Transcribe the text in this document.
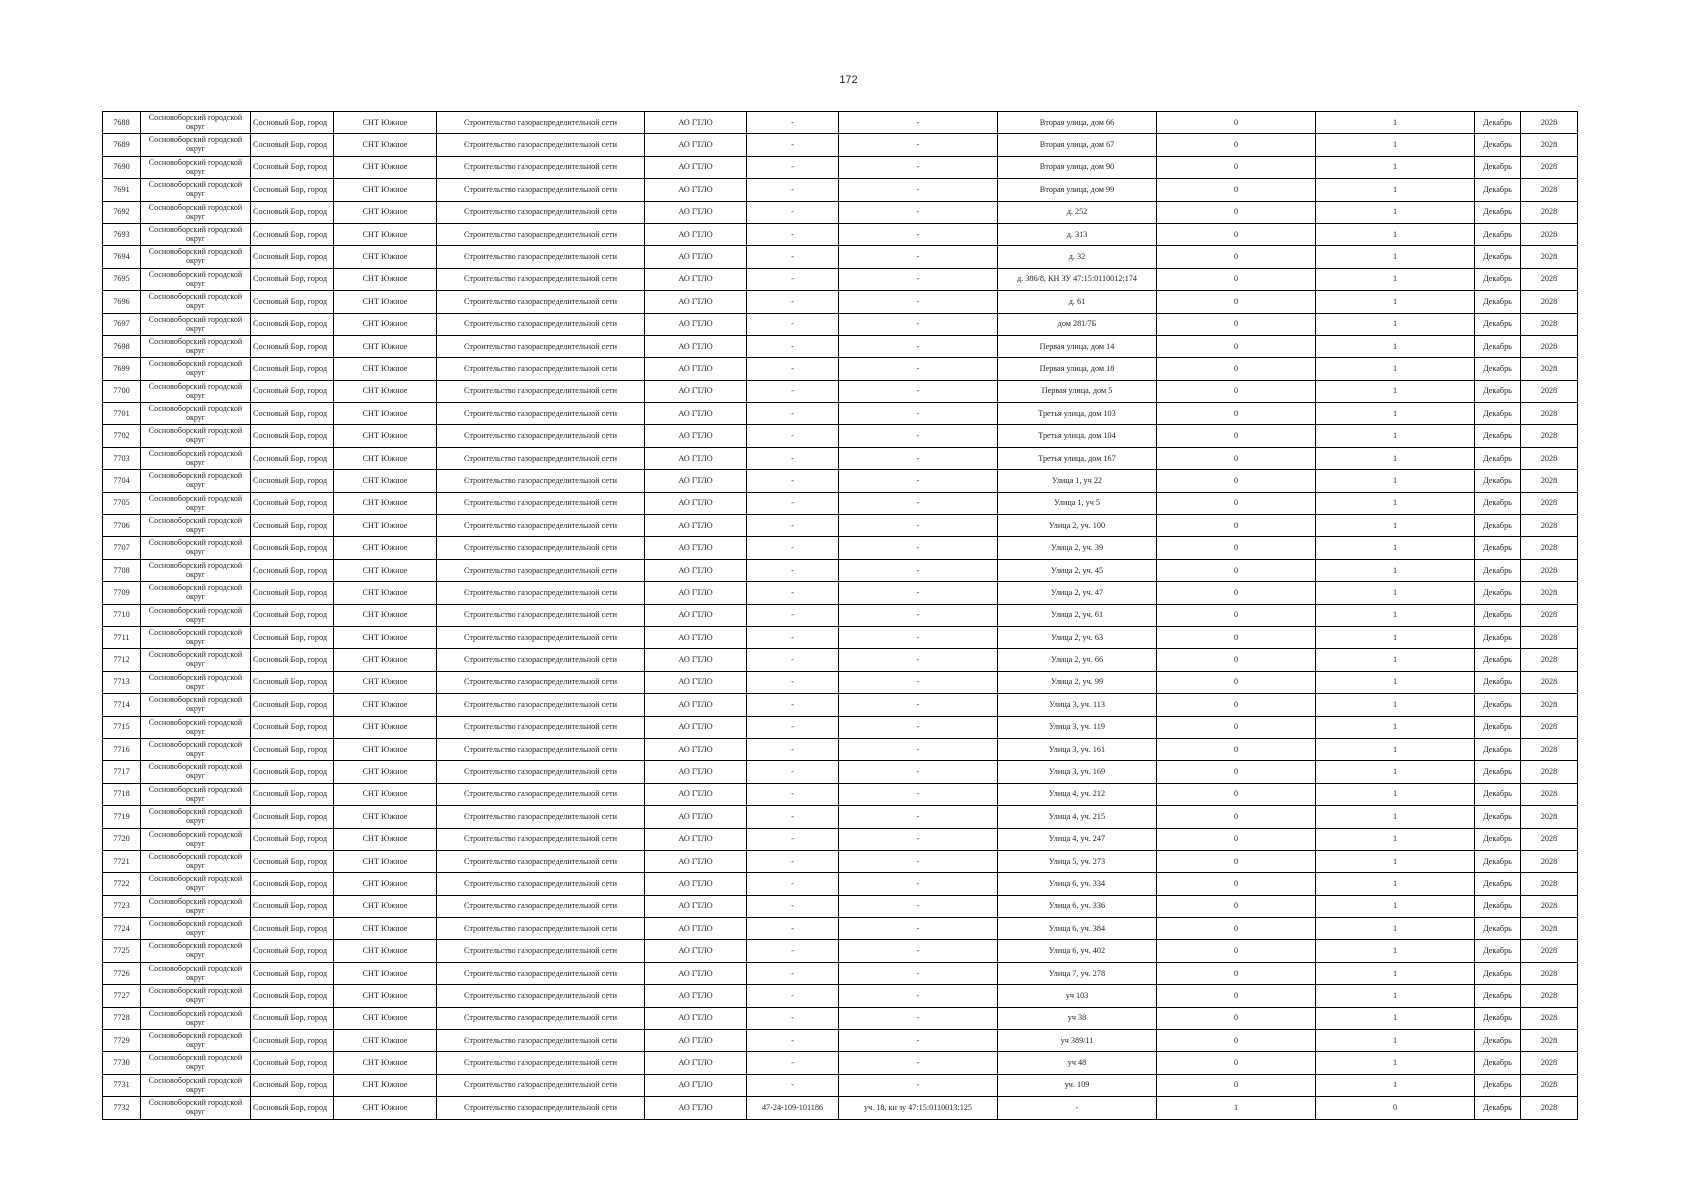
172
7688	Сосновоборский городской округ	Сосновый Бор, город	СНТ Южное	Строительство газораспределительной сети	АО ГТЛО	-	-	Вторая улица, дом 66	0	1	Декабрь	2028
7689	Сосновоборский городской округ	Сосновый Бор, город	СНТ Южное	Строительство газораспределительной сети	АО ГТЛО	-	-	Вторая улица, дом 67	0	1	Декабрь	2028
7690	Сосновоборский городской округ	Сосновый Бор, город	СНТ Южное	Строительство газораспределительной сети	АО ГТЛО	-	-	Вторая улица, дом 90	0	1	Декабрь	2028
7691	Сосновоборский городской округ	Сосновый Бор, город	СНТ Южное	Строительство газораспределительной сети	АО ГТЛО	-	-	Вторая улица, дом 99	0	1	Декабрь	2028
7692	Сосновоборский городской округ	Сосновый Бор, город	СНТ Южное	Строительство газораспределительной сети	АО ГТЛО	-	-	д. 252	0	1	Декабрь	2028
7693	Сосновоборский городской округ	Сосновый Бор, город	СНТ Южное	Строительство газораспределительной сети	АО ГТЛО	-	-	д. 313	0	1	Декабрь	2028
7694	Сосновоборский городской округ	Сосновый Бор, город	СНТ Южное	Строительство газораспределительной сети	АО ГТЛО	-	-	д. 32	0	1	Декабрь	2028
7695	Сосновоборский городской округ	Сосновый Бор, город	СНТ Южное	Строительство газораспределительной сети	АО ГТЛО	-	-	д. 386/8, КН ЗУ 47:15:0110012:174	0	1	Декабрь	2028
7696	Сосновоборский городской округ	Сосновый Бор, город	СНТ Южное	Строительство газораспределительной сети	АО ГТЛО	-	-	д. 61	0	1	Декабрь	2028
7697	Сосновоборский городской округ	Сосновый Бор, город	СНТ Южное	Строительство газораспределительной сети	АО ГТЛО	-	-	дом 281/7Б	0	1	Декабрь	2028
7698	Сосновоборский городской округ	Сосновый Бор, город	СНТ Южное	Строительство газораспределительной сети	АО ГТЛО	-	-	Первая улица, дом 14	0	1	Декабрь	2028
7699	Сосновоборский городской округ	Сосновый Бор, город	СНТ Южное	Строительство газораспределительной сети	АО ГТЛО	-	-	Первая улица, дом 18	0	1	Декабрь	2028
7700	Сосновоборский городской округ	Сосновый Бор, город	СНТ Южное	Строительство газораспределительной сети	АО ГТЛО	-	-	Первая улица, дом 5	0	1	Декабрь	2028
7701	Сосновоборский городской округ	Сосновый Бор, город	СНТ Южное	Строительство газораспределительной сети	АО ГТЛО	-	-	Третья улица, дом 103	0	1	Декабрь	2028
7702	Сосновоборский городской округ	Сосновый Бор, город	СНТ Южное	Строительство газораспределительной сети	АО ГТЛО	-	-	Третья улица, дом 104	0	1	Декабрь	2028
7703	Сосновоборский городской округ	Сосновый Бор, город	СНТ Южное	Строительство газораспределительной сети	АО ГТЛО	-	-	Третья улица, дом 167	0	1	Декабрь	2028
7704	Сосновоборский городской округ	Сосновый Бор, город	СНТ Южное	Строительство газораспределительной сети	АО ГТЛО	-	-	Улица 1, уч 22	0	1	Декабрь	2028
7705	Сосновоборский городской округ	Сосновый Бор, город	СНТ Южное	Строительство газораспределительной сети	АО ГТЛО	-	-	Улица 1, уч 5	0	1	Декабрь	2028
7706	Сосновоборский городской округ	Сосновый Бор, город	СНТ Южное	Строительство газораспределительной сети	АО ГТЛО	-	-	Улица 2, уч. 100	0	1	Декабрь	2028
7707	Сосновоборский городской округ	Сосновый Бор, город	СНТ Южное	Строительство газораспределительной сети	АО ГТЛО	-	-	Улица 2, уч. 39	0	1	Декабрь	2028
7708	Сосновоборский городской округ	Сосновый Бор, город	СНТ Южное	Строительство газораспределительной сети	АО ГТЛО	-	-	Улица 2, уч. 45	0	1	Декабрь	2028
7709	Сосновоборский городской округ	Сосновый Бор, город	СНТ Южное	Строительство газораспределительной сети	АО ГТЛО	-	-	Улица 2, уч. 47	0	1	Декабрь	2028
7710	Сосновоборский городской округ	Сосновый Бор, город	СНТ Южное	Строительство газораспределительной сети	АО ГТЛО	-	-	Улица 2, уч. 61	0	1	Декабрь	2028
7711	Сосновоборский городской округ	Сосновый Бор, город	СНТ Южное	Строительство газораспределительной сети	АО ГТЛО	-	-	Улица 2, уч. 63	0	1	Декабрь	2028
7712	Сосновоборский городской округ	Сосновый Бор, город	СНТ Южное	Строительство газораспределительной сети	АО ГТЛО	-	-	Улица 2, уч. 66	0	1	Декабрь	2028
7713	Сосновоборский городской округ	Сосновый Бор, город	СНТ Южное	Строительство газораспределительной сети	АО ГТЛО	-	-	Улица 2, уч. 99	0	1	Декабрь	2028
7714	Сосновоборский городской округ	Сосновый Бор, город	СНТ Южное	Строительство газораспределительной сети	АО ГТЛО	-	-	Улица 3, уч. 113	0	1	Декабрь	2028
7715	Сосновоборский городской округ	Сосновый Бор, город	СНТ Южное	Строительство газораспределительной сети	АО ГТЛО	-	-	Улица 3, уч. 119	0	1	Декабрь	2028
7716	Сосновоборский городской округ	Сосновый Бор, город	СНТ Южное	Строительство газораспределительной сети	АО ГТЛО	-	-	Улица 3, уч. 161	0	1	Декабрь	2028
7717	Сосновоборский городской округ	Сосновый Бор, город	СНТ Южное	Строительство газораспределительной сети	АО ГТЛО	-	-	Улица 3, уч. 169	0	1	Декабрь	2028
7718	Сосновоборский городской округ	Сосновый Бор, город	СНТ Южное	Строительство газораспределительной сети	АО ГТЛО	-	-	Улица 4, уч. 212	0	1	Декабрь	2028
7719	Сосновоборский городской округ	Сосновый Бор, город	СНТ Южное	Строительство газораспределительной сети	АО ГТЛО	-	-	Улица 4, уч. 215	0	1	Декабрь	2028
7720	Сосновоборский городской округ	Сосновый Бор, город	СНТ Южное	Строительство газораспределительной сети	АО ГТЛО	-	-	Улица 4, уч. 247	0	1	Декабрь	2028
7721	Сосновоборский городской округ	Сосновый Бор, город	СНТ Южное	Строительство газораспределительной сети	АО ГТЛО	-	-	Улица 5, уч. 273	0	1	Декабрь	2028
7722	Сосновоборский городской округ	Сосновый Бор, город	СНТ Южное	Строительство газораспределительной сети	АО ГТЛО	-	-	Улица 6, уч. 334	0	1	Декабрь	2028
7723	Сосновоборский городской округ	Сосновый Бор, город	СНТ Южное	Строительство газораспределительной сети	АО ГТЛО	-	-	Улица 6, уч. 336	0	1	Декабрь	2028
7724	Сосновоборский городской округ	Сосновый Бор, город	СНТ Южное	Строительство газораспределительной сети	АО ГТЛО	-	-	Улица 6, уч. 384	0	1	Декабрь	2028
7725	Сосновоборский городской округ	Сосновый Бор, город	СНТ Южное	Строительство газораспределительной сети	АО ГТЛО	-	-	Улица 6, уч. 402	0	1	Декабрь	2028
7726	Сосновоборский городской округ	Сосновый Бор, город	СНТ Южное	Строительство газораспределительной сети	АО ГТЛО	-	-	Улица 7, уч. 278	0	1	Декабрь	2028
7727	Сосновоборский городской округ	Сосновый Бор, город	СНТ Южное	Строительство газораспределительной сети	АО ГТЛО	-	-	уч 103	0	1	Декабрь	2028
7728	Сосновоборский городской округ	Сосновый Бор, город	СНТ Южное	Строительство газораспределительной сети	АО ГТЛО	-	-	уч 38	0	1	Декабрь	2028
7729	Сосновоборский городской округ	Сосновый Бор, город	СНТ Южное	Строительство газораспределительной сети	АО ГТЛО	-	-	уч 389/11	0	1	Декабрь	2028
7730	Сосновоборский городской округ	Сосновый Бор, город	СНТ Южное	Строительство газораспределительной сети	АО ГТЛО	-	-	уч 48	0	1	Декабрь	2028
7731	Сосновоборский городской округ	Сосновый Бор, город	СНТ Южное	Строительство газораспределительной сети	АО ГТЛО	-	-	уч. 109	0	1	Декабрь	2028
7732	Сосновоборский городской округ	Сосновый Бор, город	СНТ Южное	Строительство газораспределительной сети	АО ГТЛО	47-24-109-101186	уч. 18, кн зу 47:15:0110013:125	-	1	0	Декабрь	2028
